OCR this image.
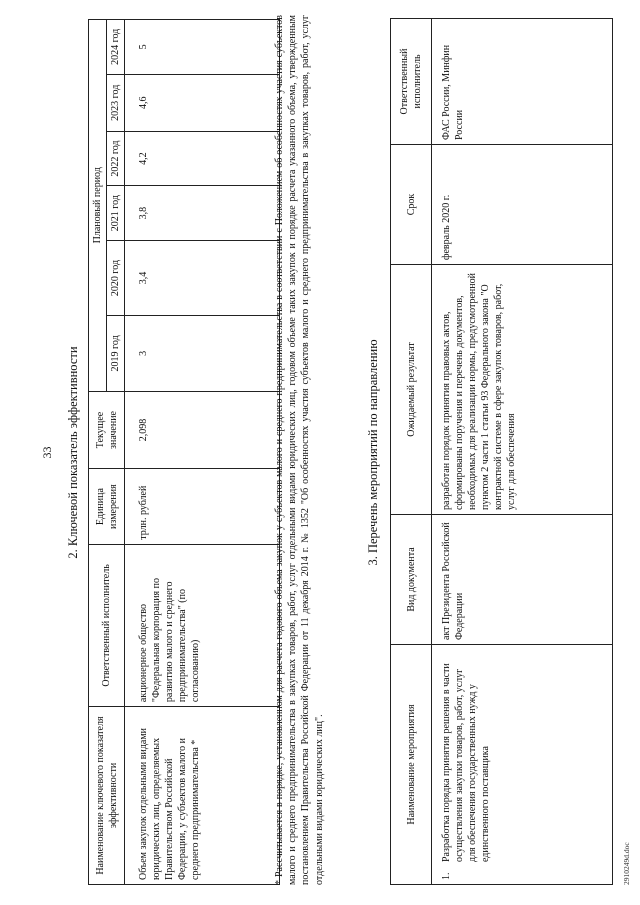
33 2. Ключевой показатель эффективности
Наименование ключевого показателя эффективности	Ответственный исполнитель	Единица измерения	Текущее значение	Плановый период					
				2019 год	2020 год	2021 год	2022 год	2023 год	2024 год
Объем закупок отдельными видами юридических лиц, определяемых Правительством Российской Федерации, у субъектов малого и среднего предпринимательства *	акционерное общество "Федеральная корпорация по развитию малого и среднего предпринимательства" (по согласованию)	трлн. рублей	2,098	3	3,4	3,8	4,2	4,6	5	* Рассчитывается в порядке, установленном для расчета годового объема закупок у субъектов малого и среднего предпринимательства в соответствии с Положением об особенностях участия субъектов малого и среднего предпринимательства в закупках товаров, работ, услуг отдельными видами юридических лиц, годовом объеме таких закупок и порядке расчета указанного объема, утвержденным постановлением Правительства Российской Федерации от 11 декабря 2014 г. № 1352 "Об особенностях участия субъектов малого и среднего предпринимательства в закупках товаров, работ, услуг отдельными видами юридических лиц".
3. Перечень мероприятий по направлению
Наименование мероприятия	Вид документа	Ожидаемый результат	Срок	Ответственный исполнитель
1.Разработка порядка принятия решения в части осуществления закупки товаров, работ, услуг для обеспечения государственных нужд у единственного поставщика	акт Президента Российской Федерации	разработан порядок принятия правовых актов, сформированы поручения и перечень документов, необходимых для реализации нормы, предусмотренной пунктом 2 части 1 статьи 93 Федерального закона "О контрактной системе в сфере закупок товаров, работ, услуг для обеспечения	февраль 2020 г.	ФАС России, Минфин России
2910249d.doc
